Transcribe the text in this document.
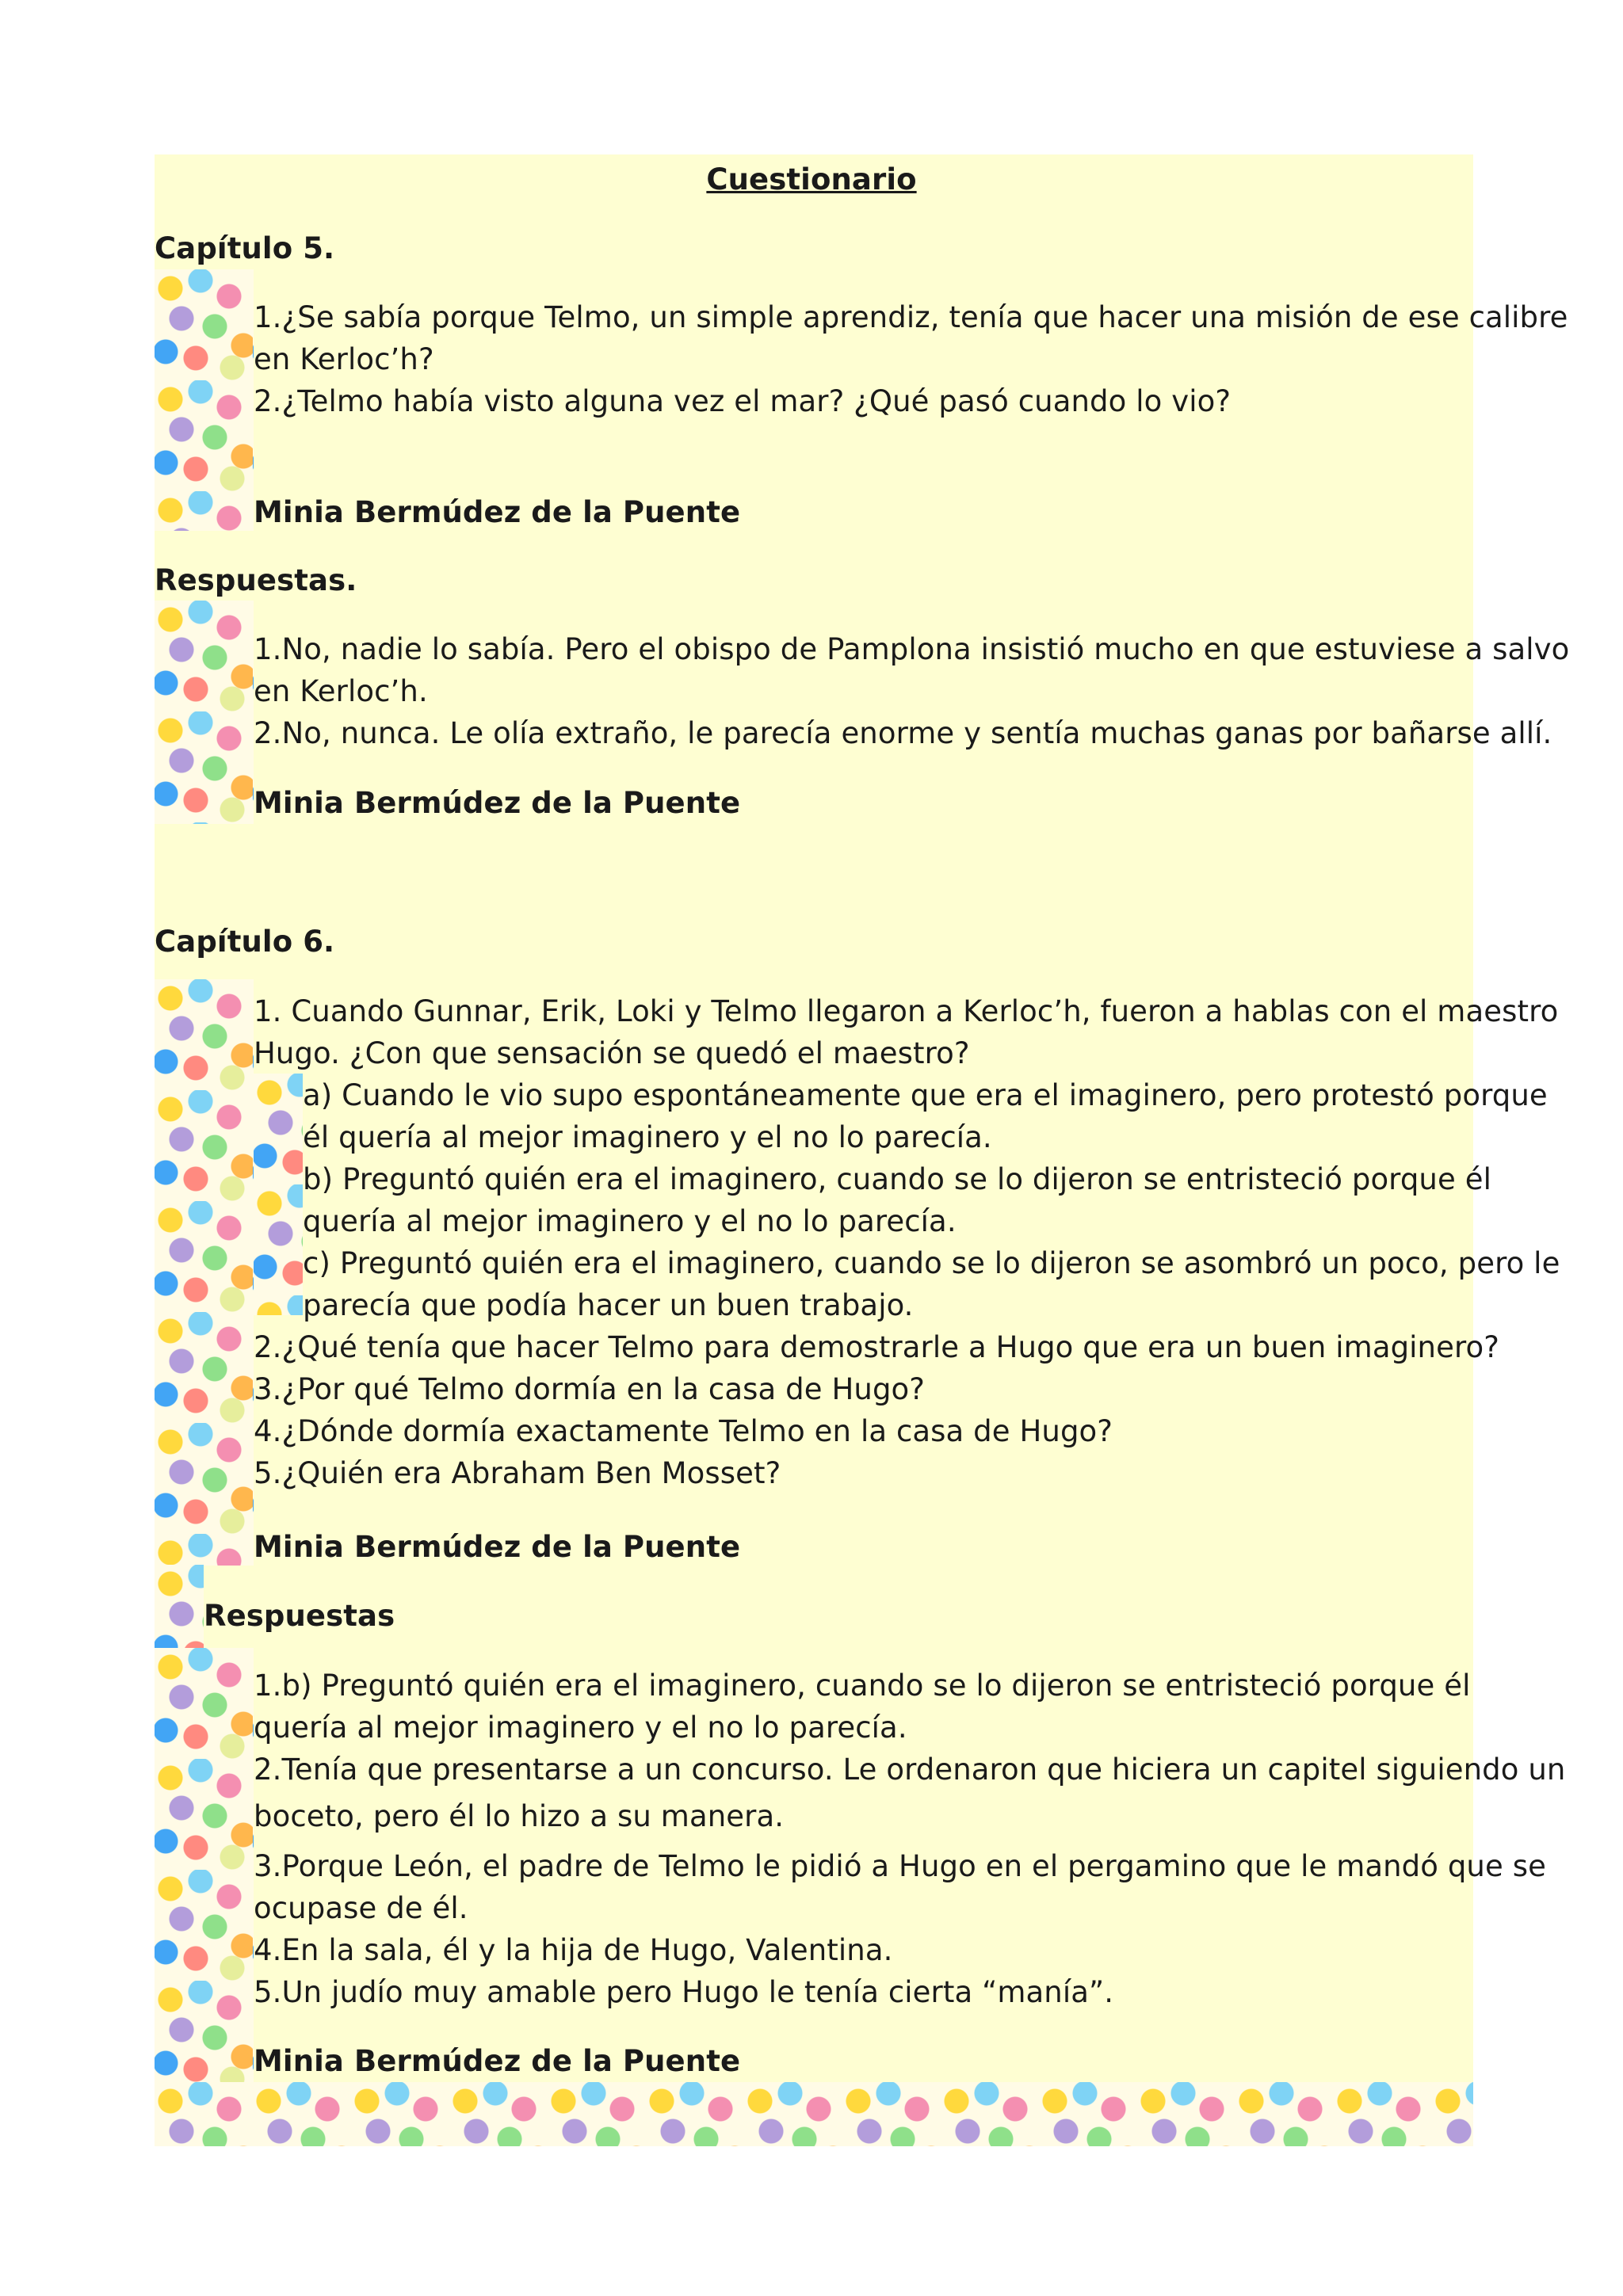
Cuestionario
Capítulo 5.
1.¿Se sabía porque Telmo, un simple aprendiz, tenía que hacer una misión de ese calibre
en Kerloc’h?
2.¿Telmo había visto alguna vez el mar? ¿Qué pasó cuando lo vio?
Minia Bermúdez de la Puente
Respuestas.
1.No, nadie lo sabía. Pero el obispo de Pamplona insistió mucho en que estuviese a salvo
en Kerloc’h.
2.No, nunca. Le olía extraño, le parecía enorme y sentía muchas ganas por bañarse allí.
Minia Bermúdez de la Puente
Capítulo 6.
1. Cuando Gunnar, Erik, Loki y Telmo llegaron a Kerloc’h, fueron a hablas con el maestro
Hugo. ¿Con que sensación se quedó el maestro?
a) Cuando le vio supo espontáneamente que era el imaginero, pero protestó porque
él quería al mejor imaginero y el no lo parecía.
b) Preguntó quién era el imaginero, cuando se lo dijeron se entristeció porque él
quería al mejor imaginero y el no lo parecía.
c) Preguntó quién era el imaginero, cuando se lo dijeron se asombró un poco, pero le
parecía que podía hacer un buen trabajo.
2.¿Qué tenía que hacer Telmo para demostrarle a Hugo que era un buen imaginero?
3.¿Por qué Telmo dormía en la casa de Hugo?
4.¿Dónde dormía exactamente Telmo en la casa de Hugo?
5.¿Quién era Abraham Ben Mosset?
Minia Bermúdez de la Puente
Respuestas
1.b) Preguntó quién era el imaginero, cuando se lo dijeron se entristeció porque él
quería al mejor imaginero y el no lo parecía.
2.Tenía que presentarse a un concurso. Le ordenaron que hiciera un capitel siguiendo un
boceto, pero él lo hizo a su manera.
3.Porque León, el padre de Telmo le pidió a Hugo en el pergamino que le mandó que se
ocupase de él.
4.En la sala, él y la hija de Hugo, Valentina.
5.Un judío muy amable pero Hugo le tenía cierta “manía”.
Minia Bermúdez de la Puente
